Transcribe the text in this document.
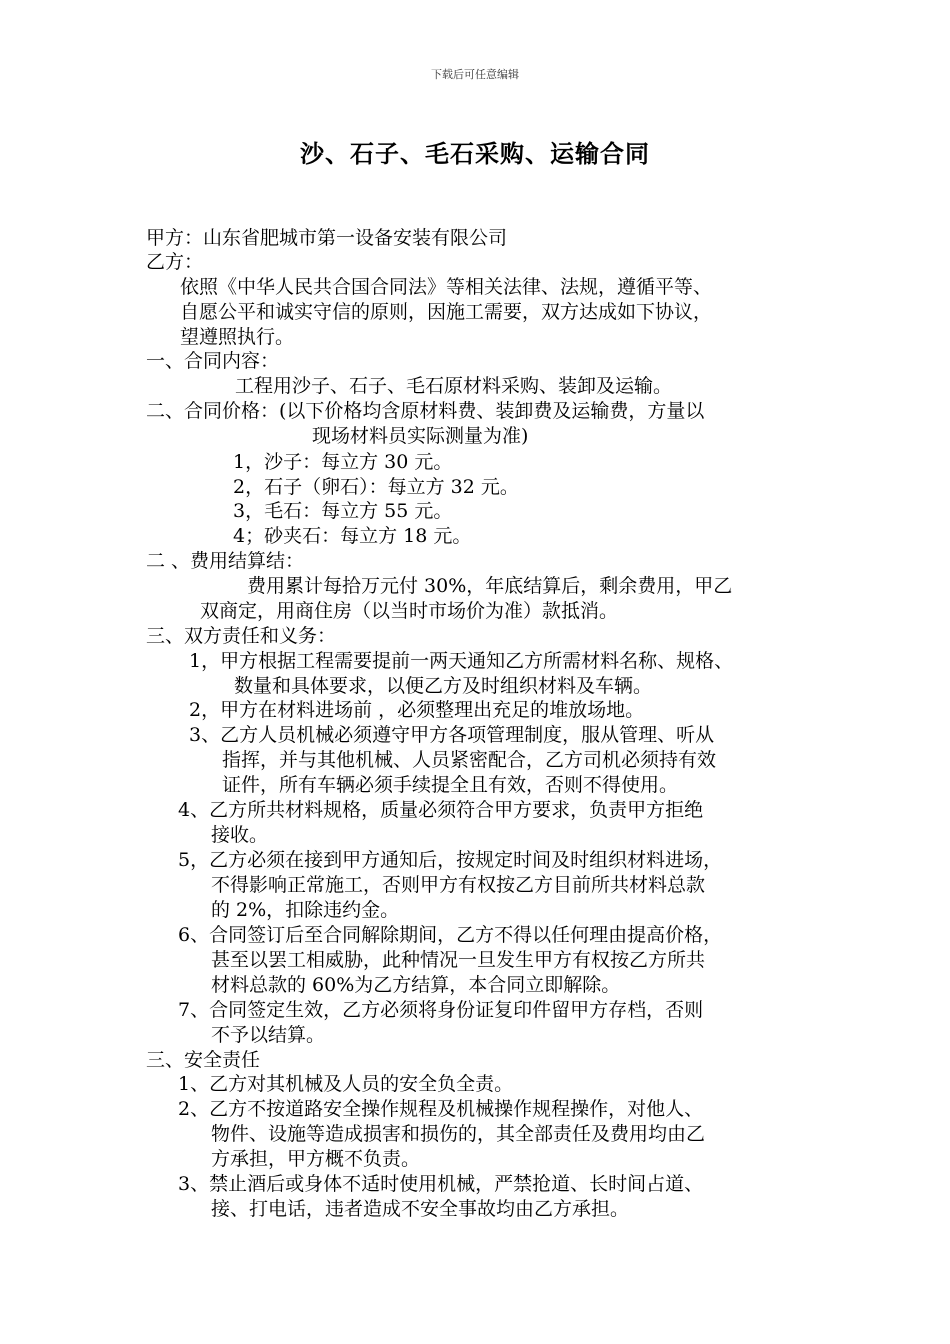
下载后可任意编辑
沙、石子、毛石采购、运输合同
甲方：山东省肥城市第一设备安装有限公司
乙方：
依照《中华人民共合国合同法》等相关法律、法规，遵循平等、
自愿公平和诚实守信的原则，因施工需要，双方达成如下协议，
望遵照执行。
一、合同内容：
工程用沙子、石子、毛石原材料采购、装卸及运输。
二、合同价格：(以下价格均含原材料费、装卸费及运输费，方量以
现场材料员实际测量为准)
1，沙子：每立方 30 元。
2，石子（卵石）：每立方 32 元。
3，毛石：每立方 55 元。
4；砂夹石：每立方 18 元。
二 、费用结算结：
费用累计每拾万元付 30%，年底结算后，剩余费用，甲乙
双商定，用商住房（以当时市场价为准）款抵消。
三、双方责任和义务：
1，甲方根据工程需要提前一两天通知乙方所需材料名称、规格、
数量和具体要求，以便乙方及时组织材料及车辆。
2，甲方在材料进场前 ，必须整理出充足的堆放场地。
3、乙方人员机械必须遵守甲方各项管理制度，服从管理、听从
指挥，并与其他机械、人员紧密配合，乙方司机必须持有效
证件，所有车辆必须手续提全且有效，否则不得使用。
4、乙方所共材料规格，质量必须符合甲方要求，负责甲方拒绝
接收。
5，乙方必须在接到甲方通知后，按规定时间及时组织材料进场，
不得影响正常施工，否则甲方有权按乙方目前所共材料总款
的 2%，扣除违约金。
6、合同签订后至合同解除期间，乙方不得以任何理由提高价格，
甚至以罢工相威胁，此种情况一旦发生甲方有权按乙方所共
材料总款的 60%为乙方结算，本合同立即解除。
7、合同签定生效，乙方必须将身份证复印件留甲方存档，否则
不予以结算。
三、安全责任
1、乙方对其机械及人员的安全负全责。
2、乙方不按道路安全操作规程及机械操作规程操作，对他人、
物件、设施等造成损害和损伤的，其全部责任及费用均由乙
方承担，甲方概不负责。
3、禁止酒后或身体不适时使用机械，严禁抢道、长时间占道、
接、打电话，违者造成不安全事故均由乙方承担。
